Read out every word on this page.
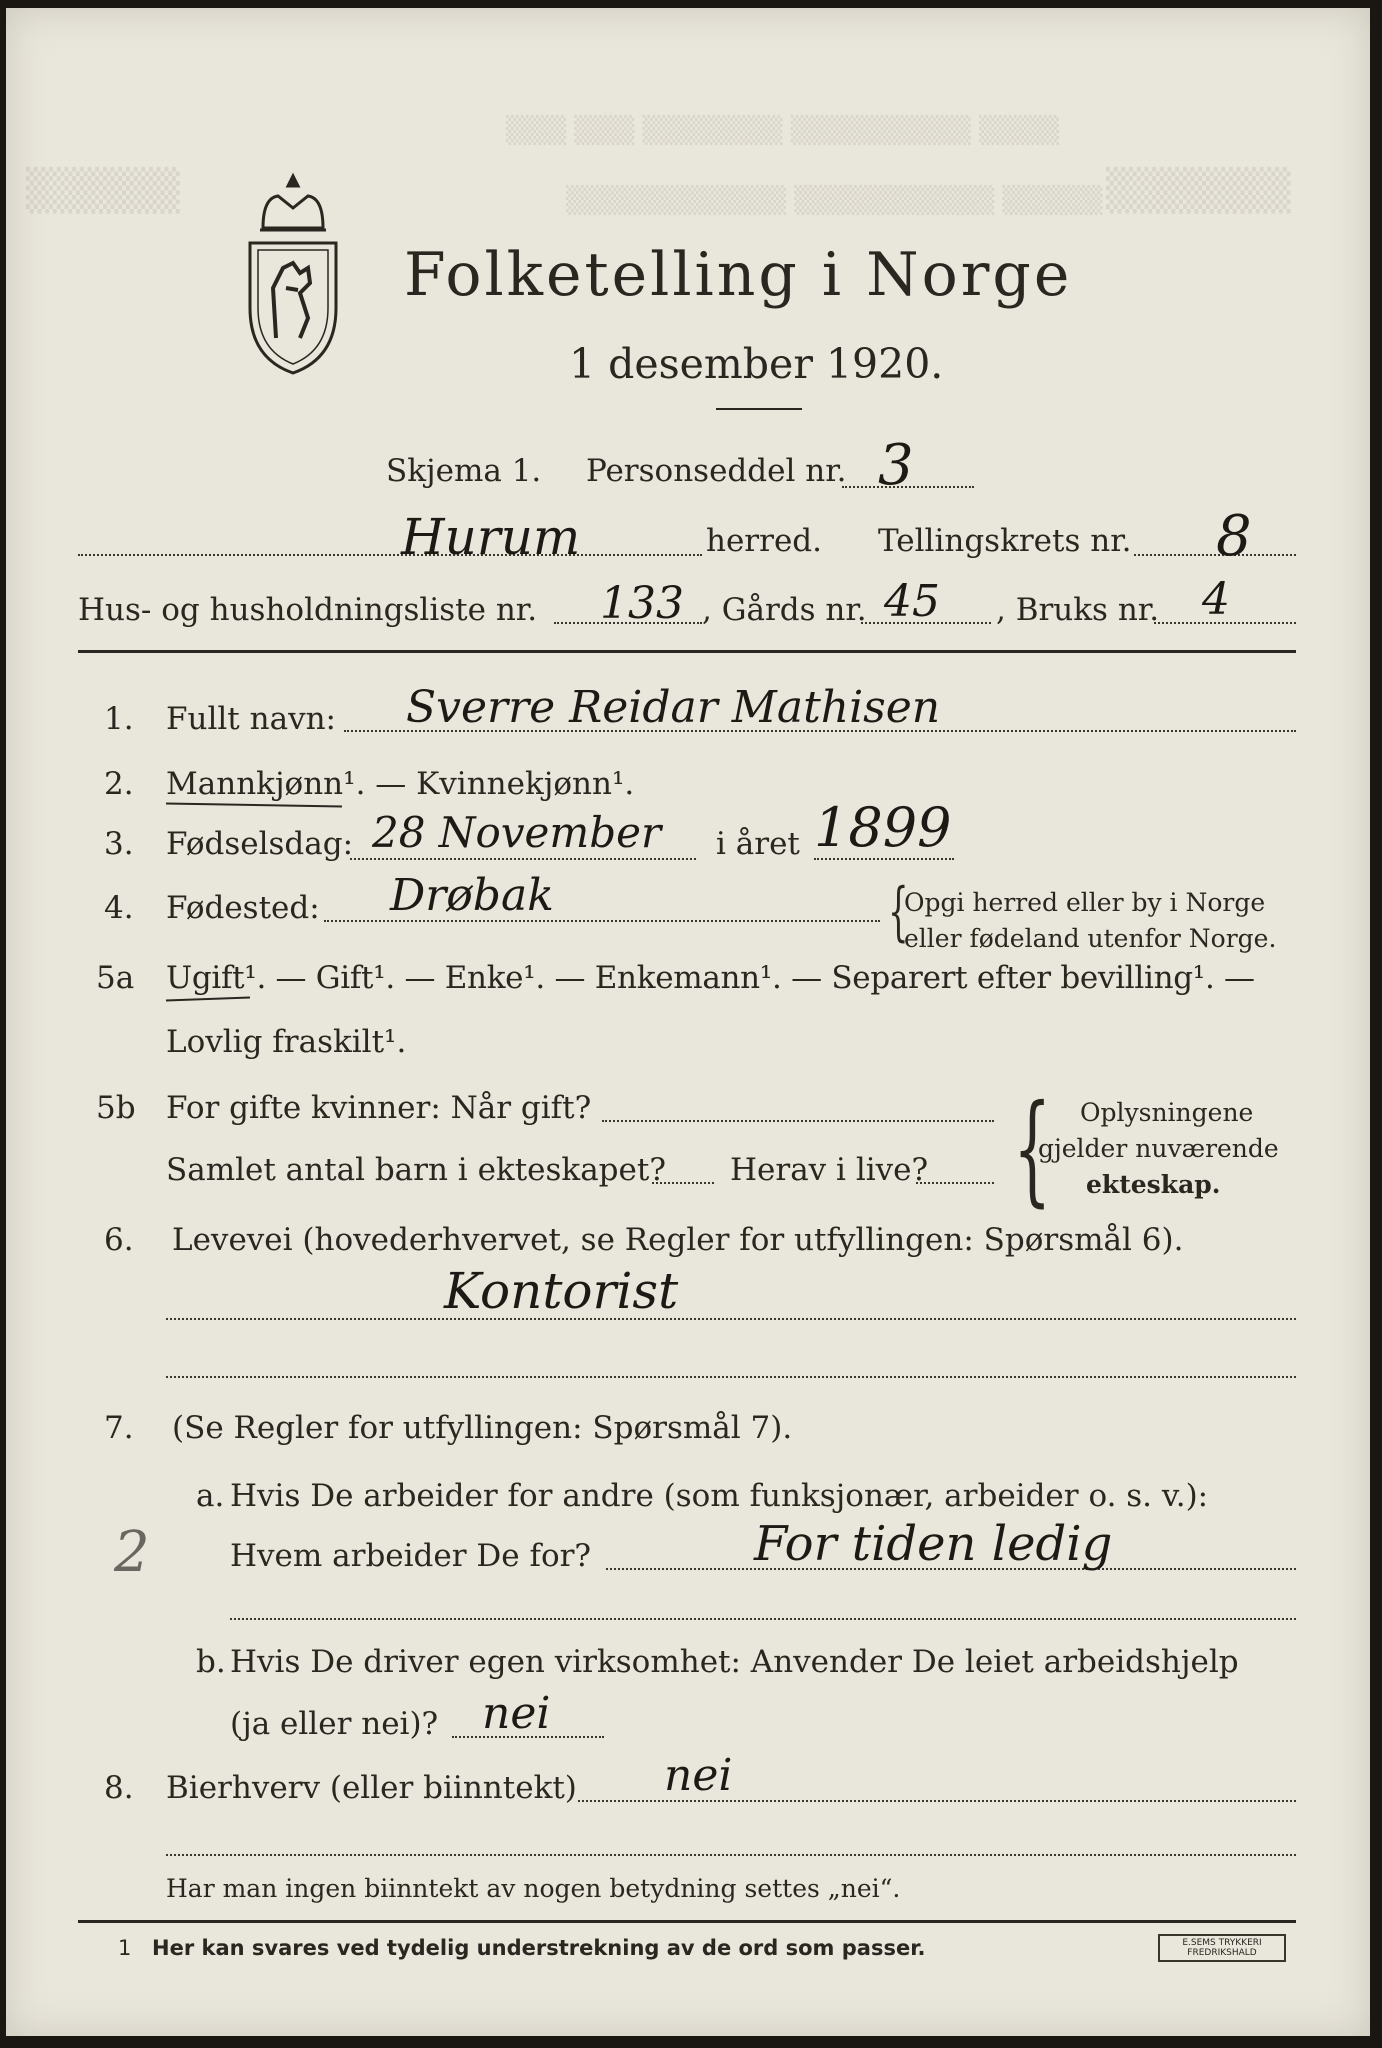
▒▒▒ ▒▒▒ ▒▒▒▒▒▒▒ ▒▒▒▒▒▒▒▒▒ ▒▒▒▒
▒▒▒▒▒▒▒▒▒▒▒ ▒▒▒▒▒▒▒▒▒▒ ▒▒▒▒▒
▒▒▒▒▒	▒▒▒▒▒▒
Folketelling i Norge
1 desember 1920.
Skjema 1. Personseddel nr. 3
Hurum	herred. Tellingskrets nr. 8
Hus- og husholdningsliste nr. 133 , Gårds nr. 45 , Bruks nr. 4
1. Fullt navn: Sverre Reidar Mathisen
2. Mannkjønn¹. — Kvinnekjønn¹.
3. Fødselsdag: 28 November i året 1899
4. Fødested: Drøbak	{
Opgi herred eller by i Norge
eller fødeland utenfor Norge.
5a Ugift¹. — Gift¹. — Enke¹. — Enkemann¹. — Separert efter bevilling¹. —
Lovlig fraskilt¹.
5b For gifte kvinner: Når gift?
Samlet antal barn i ekteskapet? Herav i live? { Oplysningene
gjelder nuværende
ekteskap.
6. Levevei (hovederhvervet, se Regler for utfyllingen: Spørsmål 6).
Kontorist
7. (Se Regler for utfyllingen: Spørsmål 7).
a. Hvis De arbeider for andre (som funksjonær, arbeider o. s. v.):
2	Hvem arbeider De for?	For tiden ledig
b. Hvis De driver egen virksomhet: Anvender De leiet arbeidshjelp
(ja eller nei)? nei
8. Bierhverv (eller biinntekt) nei
Har man ingen biinntekt av nogen betydning settes „nei“.
1 Her kan svares ved tydelig understrekning av de ord som passer.	E.SEMS TRYKKERI
FREDRIKSHALD
